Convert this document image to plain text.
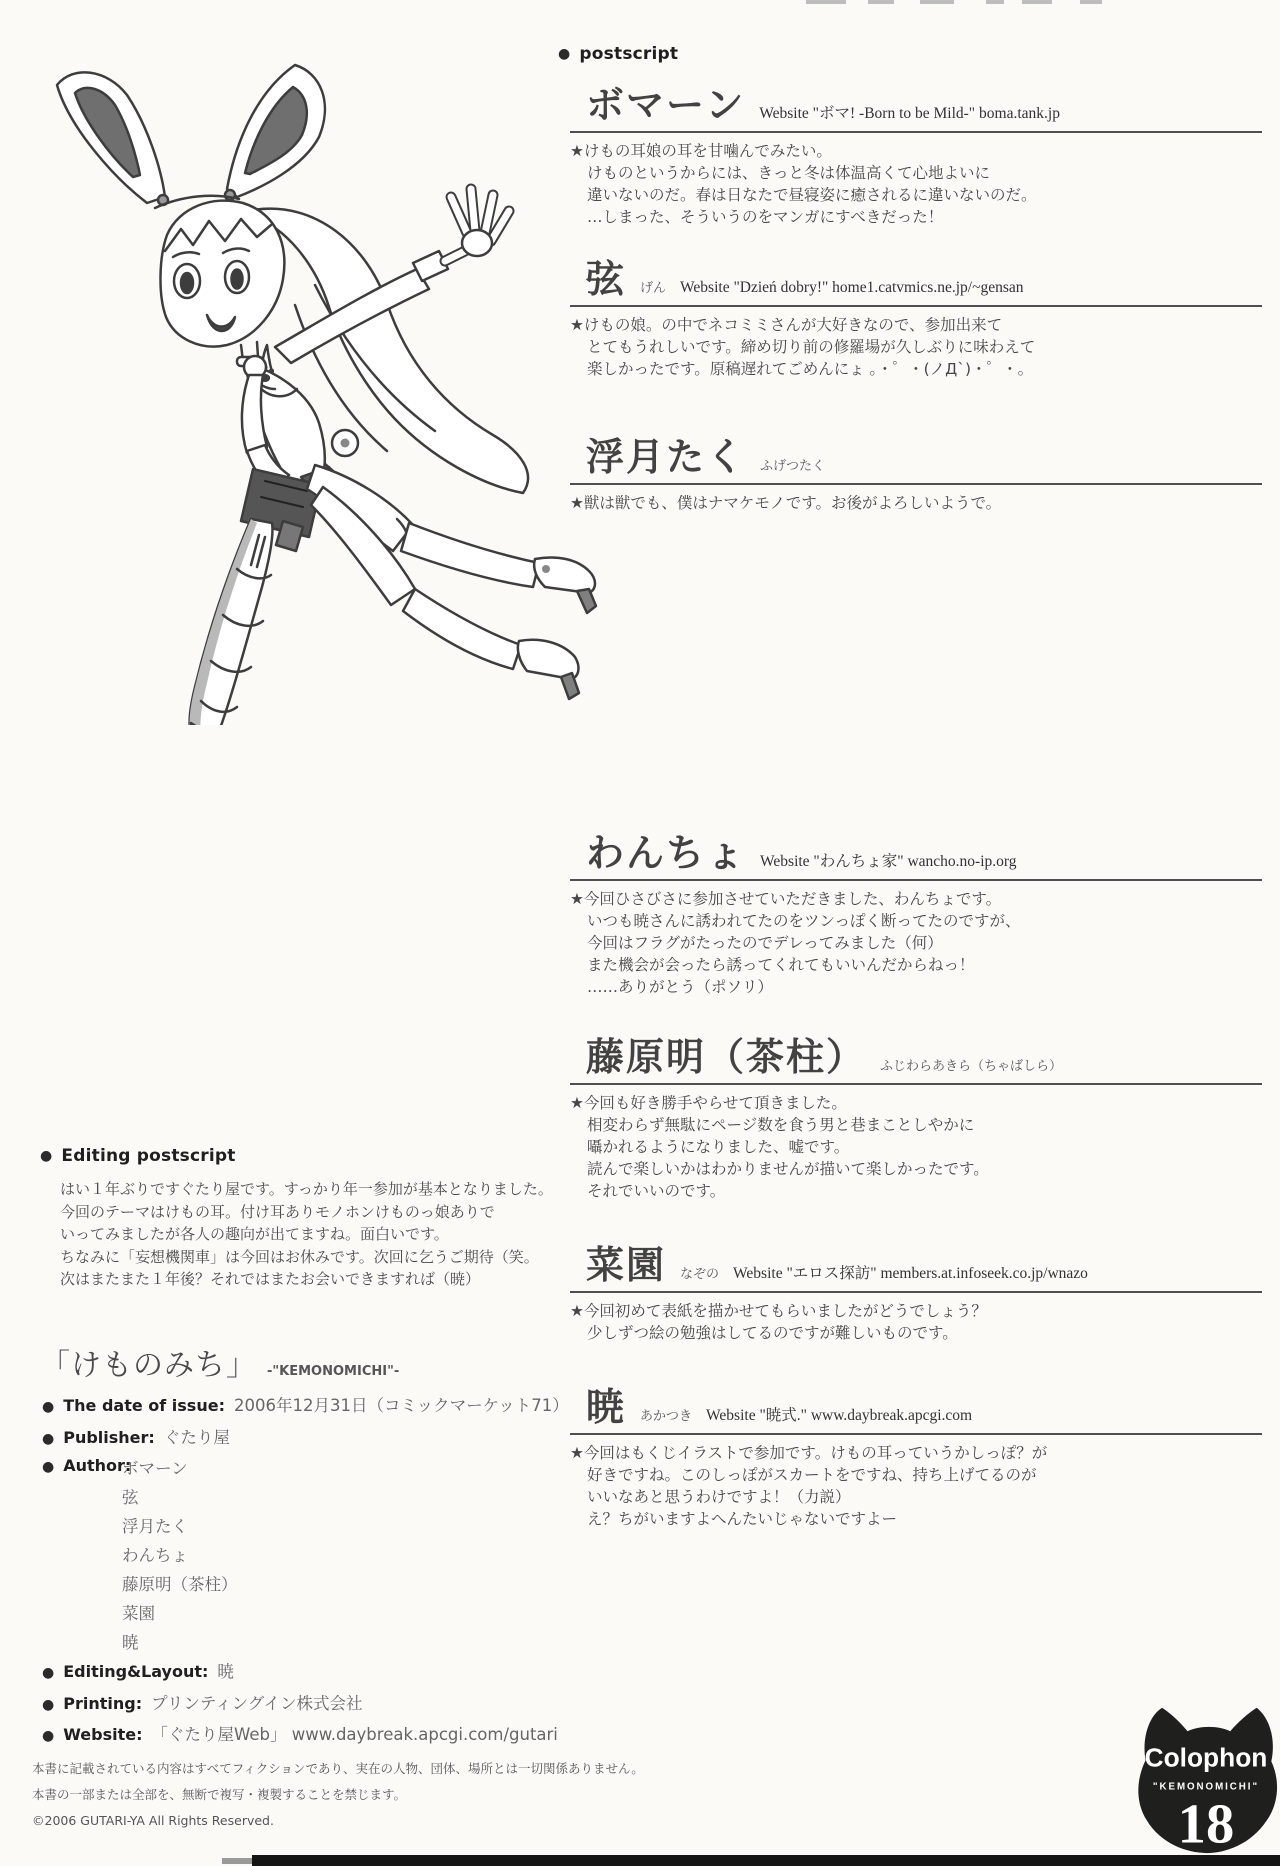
● postscript
ボマーン Website "ボマ! -Born to be Mild-" boma.tank.jp
★けもの耳娘の耳を甘噛んでみたい。
けものというからには、きっと冬は体温高くて心地よいに
違いないのだ。春は日なたで昼寝姿に癒されるに違いないのだ。
…しまった、そういうのをマンガにすべきだった！
弦 げん Website "Dzień dobry!" home1.catvmics.ne.jp/~gensan
★けもの娘。の中でネコミミさんが大好きなので、参加出来て
とてもうれしいです。締め切り前の修羅場が久しぶりに味わえて
楽しかったです。原稿遅れてごめんにょ 。・゜・(ノД`)・゜・。
浮月たく ふげつたく
★獣は獣でも、僕はナマケモノです。お後がよろしいようで。
わんちょ Website "わんちょ家" wancho.no-ip.org
★今回ひさびさに参加させていただきました、わんちょです。
いつも暁さんに誘われてたのをツンっぽく断ってたのですが、
今回はフラグがたったのでデレってみました（何）
また機会が会ったら誘ってくれてもいいんだからねっ！
……ありがとう（ポソリ）
藤原明（茶柱） ふじわらあきら（ちゃばしら）
★今回も好き勝手やらせて頂きました。
相変わらず無駄にページ数を食う男と巷まことしやかに
囁かれるようになりました、嘘です。
読んで楽しいかはわかりませんが描いて楽しかったです。
それでいいのです。
菜園 なぞの Website "エロス探訪" members.at.infoseek.co.jp/wnazo
★今回初めて表紙を描かせてもらいましたがどうでしょう？
少しずつ絵の勉強はしてるのですが難しいものです。
暁 あかつき Website "暁式." www.daybreak.apcgi.com
★今回はもくじイラストで参加です。けもの耳っていうかしっぽ？が
好きですね。このしっぽがスカートをですね、持ち上げてるのが
いいなあと思うわけですよ！（力説）
え？ちがいますよへんたいじゃないですよー
● Editing postscript
はい１年ぶりですぐたり屋です。すっかり年一参加が基本となりました。
今回のテーマはけもの耳。付け耳ありモノホンけものっ娘ありで
いってみましたが各人の趣向が出てますね。面白いです。
ちなみに「妄想機関車」は今回はお休みです。次回に乞うご期待（笑。
次はまたまた１年後？それではまたお会いできますれば（暁）
「けものみち」 -"KEMONOMICHI"-
● The date of issue: 2006年12月31日（コミックマーケット71）
● Publisher: ぐたり屋
● Author:
ボマーン
弦
浮月たく
わんちょ
藤原明（茶柱）
菜園
暁
● Editing&Layout: 暁
● Printing: プリンティングイン株式会社
● Website: 「ぐたり屋Web」 www.daybreak.apcgi.com/gutari
本書に記載されている内容はすべてフィクションであり、実在の人物、団体、場所とは一切関係ありません。
本書の一部または全部を、無断で複写・複製することを禁じます。
©2006 GUTARI-YA All Rights Reserved.
Colophon
"KEMONOMICHI"
18
